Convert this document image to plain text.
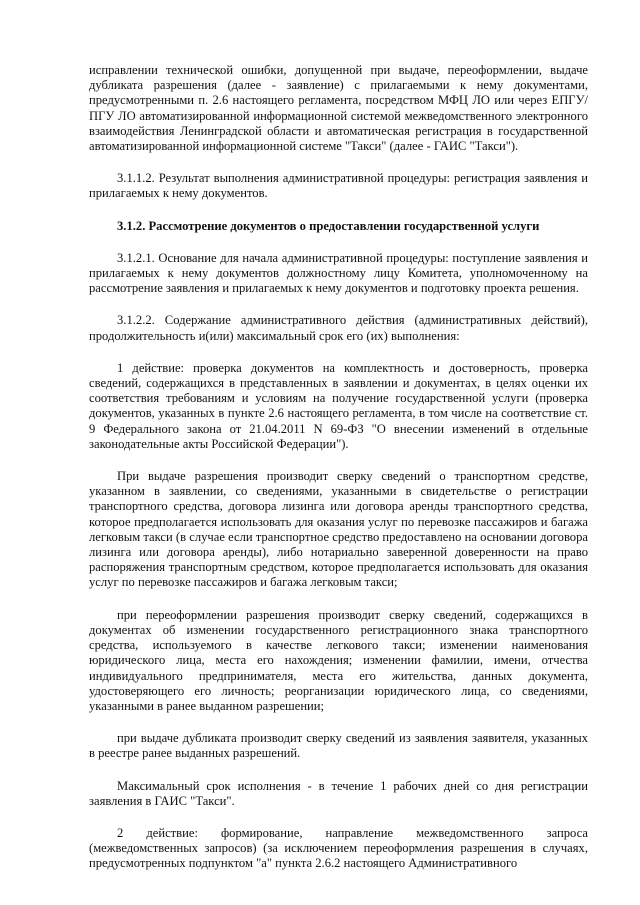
исправлении технической ошибки, допущенной при выдаче, переоформлении, выдаче дубликата разрешения (далее - заявление) с прилагаемыми к нему документами, предусмотренными п. 2.6 настоящего регламента, посредством МФЦ ЛО или через ЕПГУ/ПГУ ЛО автоматизированной информационной системой межведомственного электронного взаимодействия Ленинградской области и автоматическая регистрация в государственной автоматизированной информационной системе "Такси" (далее - ГАИС "Такси").

3.1.1.2. Результат выполнения административной процедуры: регистрация заявления и прилагаемых к нему документов.

3.1.2. Рассмотрение документов о предоставлении государственной услуги

3.1.2.1. Основание для начала административной процедуры: поступление заявления и прилагаемых к нему документов должностному лицу Комитета, уполномоченному на рассмотрение заявления и прилагаемых к нему документов и подготовку проекта решения.

3.1.2.2. Содержание административного действия (административных действий), продолжительность и(или) максимальный срок его (их) выполнения:

1 действие: проверка документов на комплектность и достоверность, проверка сведений, содержащихся в представленных в заявлении и документах, в целях оценки их соответствия требованиям и условиям на получение государственной услуги (проверка документов, указанных в пункте 2.6 настоящего регламента, в том числе на соответствие ст. 9 Федерального закона от 21.04.2011 N 69-ФЗ "О внесении изменений в отдельные законодательные акты Российской Федерации").

При выдаче разрешения производит сверку сведений о транспортном средстве, указанном в заявлении, со сведениями, указанными в свидетельстве о регистрации транспортного средства, договора лизинга или договора аренды транспортного средства, которое предполагается использовать для оказания услуг по перевозке пассажиров и багажа легковым такси (в случае если транспортное средство предоставлено на основании договора лизинга или договора аренды), либо нотариально заверенной доверенности на право распоряжения транспортным средством, которое предполагается использовать для оказания услуг по перевозке пассажиров и багажа легковым такси;

при переоформлении разрешения производит сверку сведений, содержащихся в документах об изменении государственного регистрационного знака транспортного средства, используемого в качестве легкового такси; изменении наименования юридического лица, места его нахождения; изменении фамилии, имени, отчества индивидуального предпринимателя, места его жительства, данных документа, удостоверяющего его личность; реорганизации юридического лица, со сведениями, указанными в ранее выданном разрешении;

при выдаче дубликата производит сверку сведений из заявления заявителя, указанных в реестре ранее выданных разрешений.

Максимальный срок исполнения - в течение 1 рабочих дней со дня регистрации заявления в ГАИС "Такси".

2 действие: формирование, направление межведомственного запроса (межведомственных запросов) (за исключением переоформления разрешения в случаях, предусмотренных подпунктом "а" пункта 2.6.2 настоящего Административного
